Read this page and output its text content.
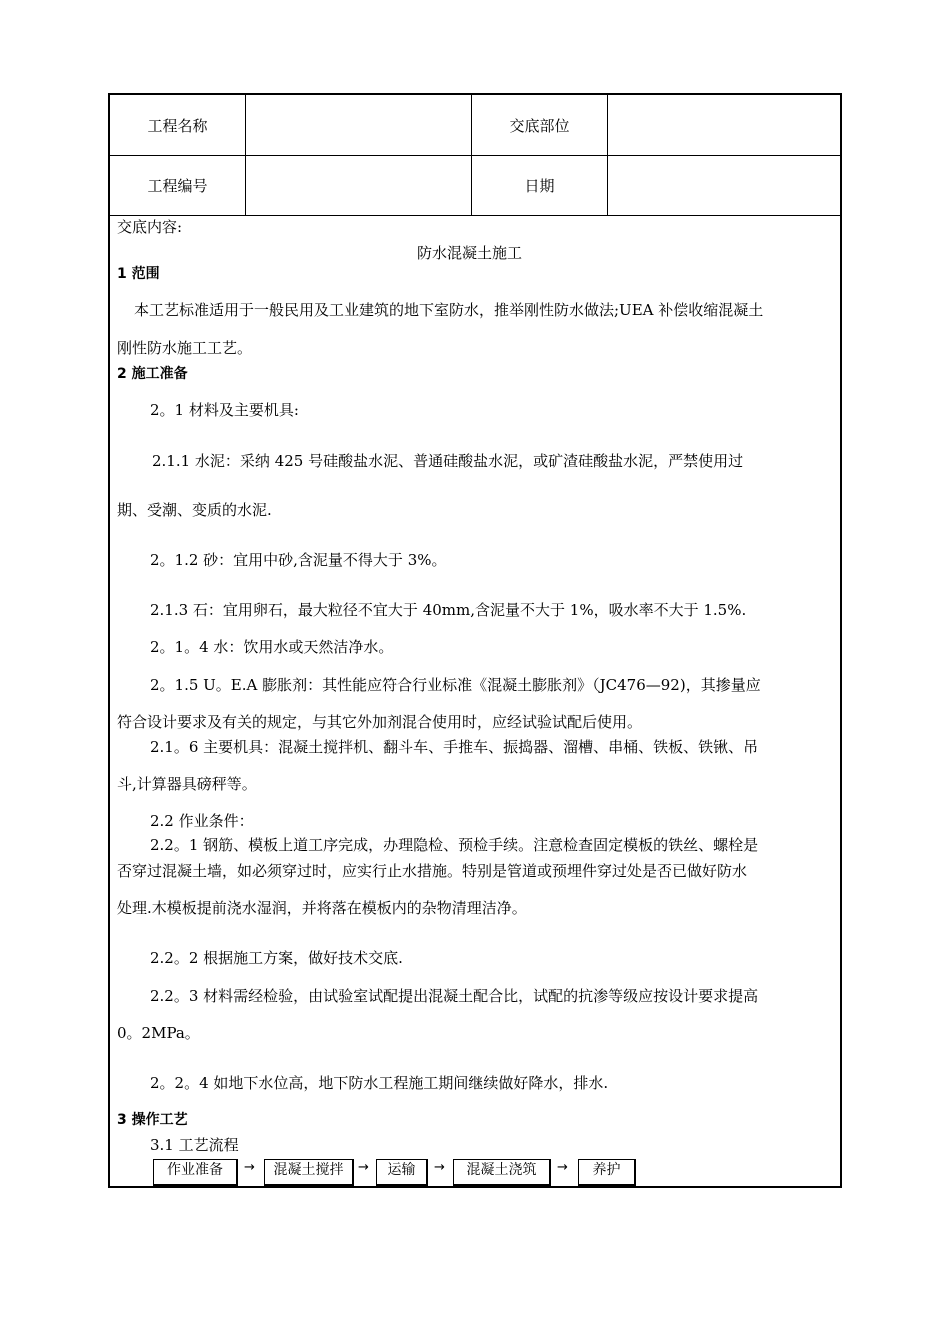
工程名称	交底部位
工程编号	日期
交底内容:
防水混凝土施工
1 范围
本工艺标准适用于一般民用及工业建筑的地下室防水，推举刚性防水做法;UEA 补偿收缩混凝土
刚性防水施工工艺。
2 施工准备
2。1 材料及主要机具:
2.1.1 水泥：采纳 425 号硅酸盐水泥、普通硅酸盐水泥，或矿渣硅酸盐水泥，严禁使用过
期、受潮、变质的水泥.
2。1.2 砂：宜用中砂,含泥量不得大于 3%。
2.1.3 石：宜用卵石，最大粒径不宜大于 40mm,含泥量不大于 1%，吸水率不大于 1.5%.
2。1。4 水：饮用水或天然洁净水。
2。1.5 U。E.A 膨胀剂：其性能应符合行业标准《混凝土膨胀剂》（JC476—92)，其掺量应
符合设计要求及有关的规定，与其它外加剂混合使用时，应经试验试配后使用。
2.1。6 主要机具：混凝土搅拌机、翻斗车、手推车、振捣器、溜槽、串桶、铁板、铁锹、吊
斗,计算器具磅秤等。
2.2 作业条件：
2.2。1 钢筋、模板上道工序完成，办理隐检、预检手续。注意检查固定模板的铁丝、螺栓是
否穿过混凝土墙，如必须穿过时，应实行止水措施。特别是管道或预埋件穿过处是否已做好防水
处理.木模板提前浇水湿润，并将落在模板内的杂物清理洁净。
2.2。2 根据施工方案，做好技术交底.
2.2。3 材料需经检验，由试验室试配提出混凝土配合比，试配的抗渗等级应按设计要求提高
0。2MPa。
2。2。4 如地下水位高，地下防水工程施工期间继续做好降水，排水.
3 操作工艺
3.1 工艺流程
作业准备	→	混凝土搅拌	→	运输	→	混凝土浇筑	→	养护
